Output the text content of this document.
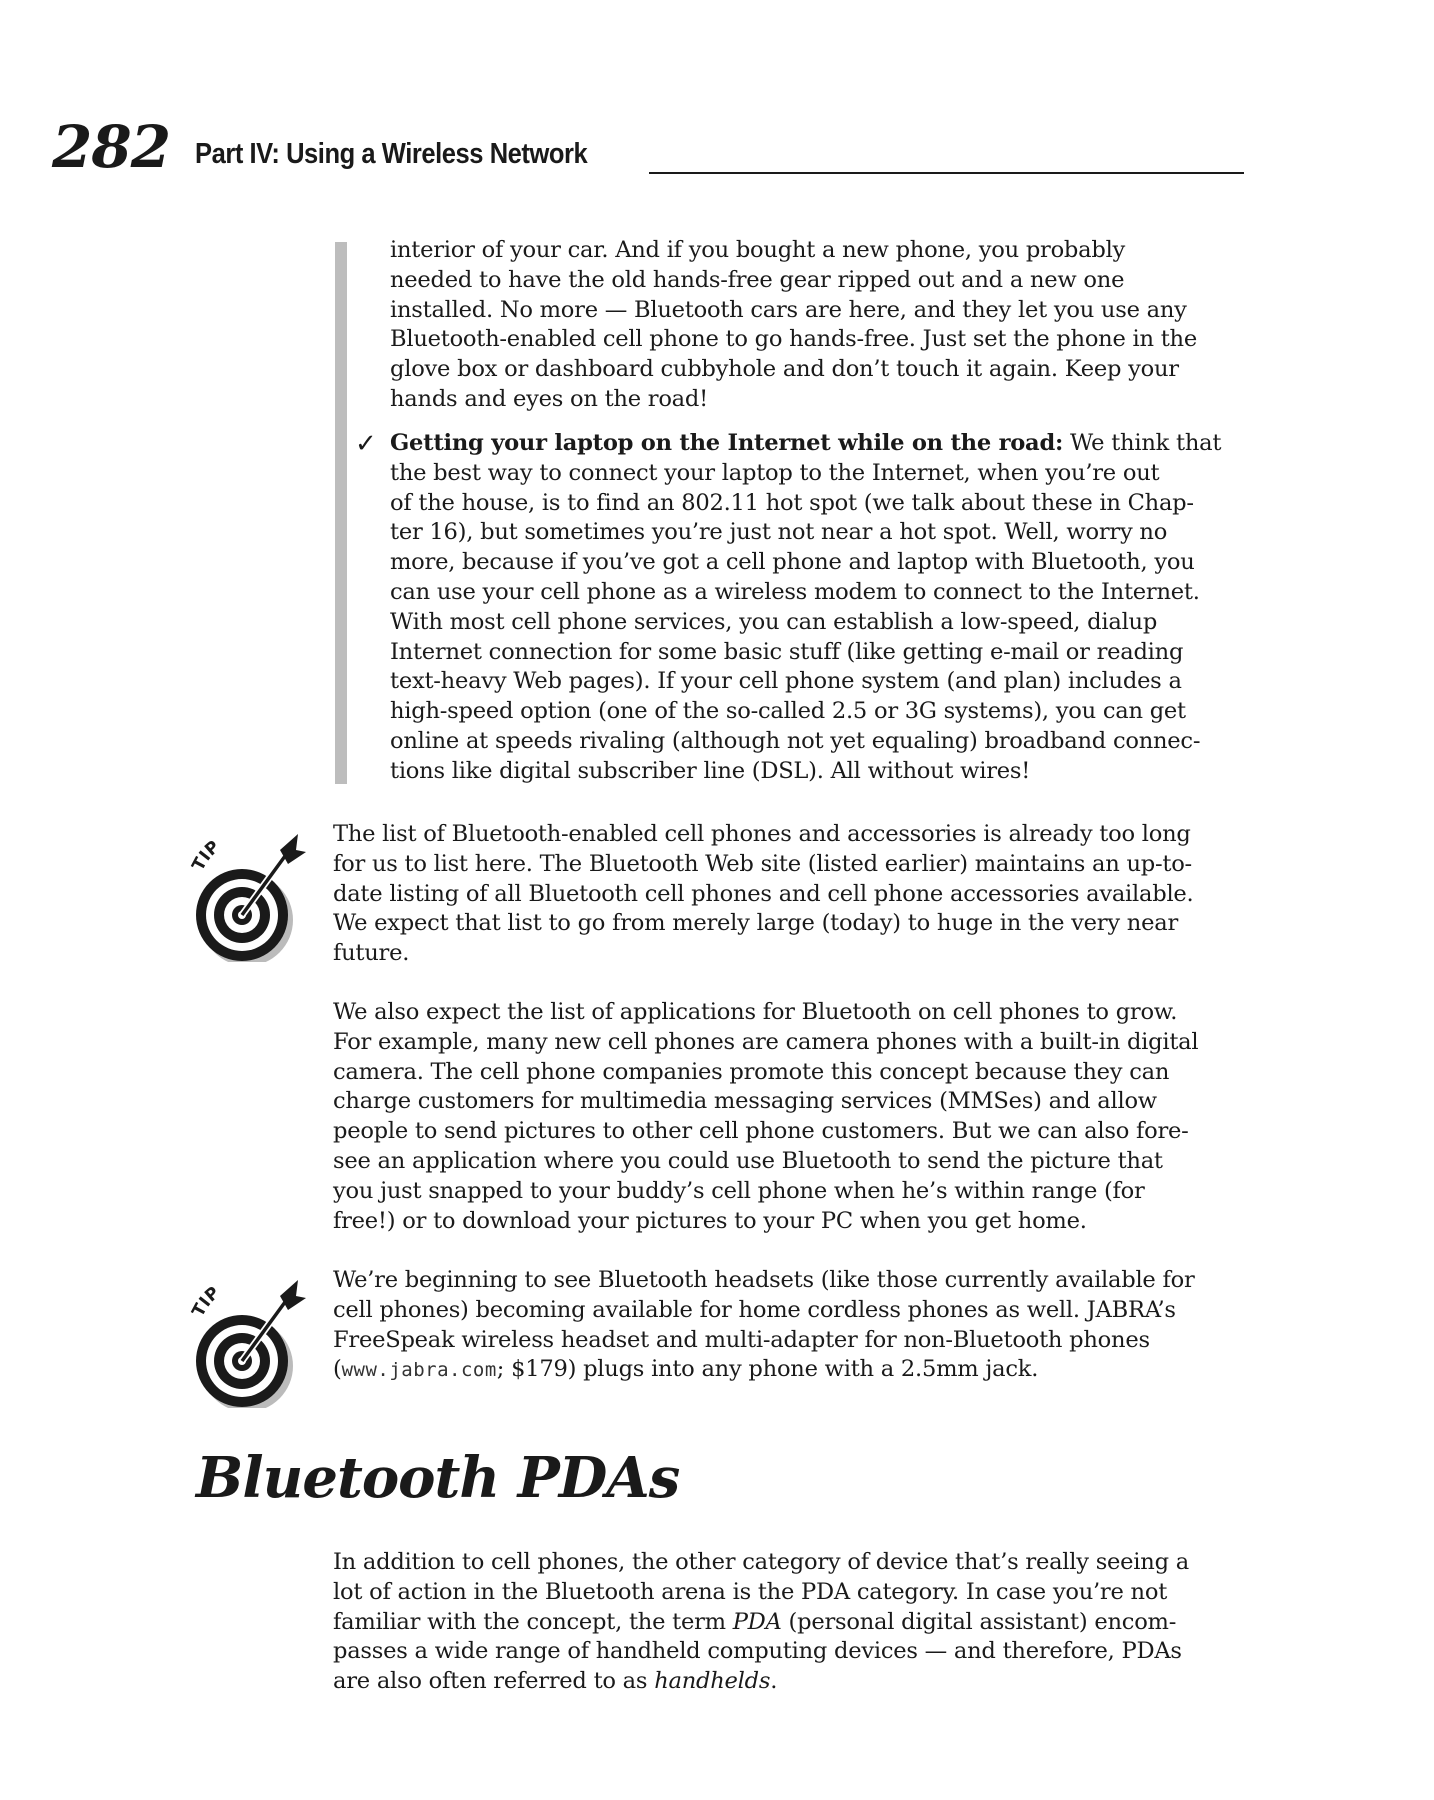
282 Part IV: Using a Wireless Network
interior of your car. And if you bought a new phone, you probably
needed to have the old hands-free gear ripped out and a new one
installed. No more — Bluetooth cars are here, and they let you use any
Bluetooth-enabled cell phone to go hands-free. Just set the phone in the
glove box or dashboard cubbyhole and don’t touch it again. Keep your
hands and eyes on the road!
✓ Getting your laptop on the Internet while on the road: We think that
the best way to connect your laptop to the Internet, when you’re out
of the house, is to find an 802.11 hot spot (we talk about these in Chap-
ter 16), but sometimes you’re just not near a hot spot. Well, worry no
more, because if you’ve got a cell phone and laptop with Bluetooth, you
can use your cell phone as a wireless modem to connect to the Internet.
With most cell phone services, you can establish a low-speed, dialup
Internet connection for some basic stuff (like getting e-mail or reading
text-heavy Web pages). If your cell phone system (and plan) includes a
high-speed option (one of the so-called 2.5 or 3G systems), you can get
online at speeds rivaling (although not yet equaling) broadband connec-
tions like digital subscriber line (DSL). All without wires!
TIP
The list of Bluetooth-enabled cell phones and accessories is already too long
for us to list here. The Bluetooth Web site (listed earlier) maintains an up-to-
date listing of all Bluetooth cell phones and cell phone accessories available.
We expect that list to go from merely large (today) to huge in the very near
future.
We also expect the list of applications for Bluetooth on cell phones to grow.
For example, many new cell phones are camera phones with a built-in digital
camera. The cell phone companies promote this concept because they can
charge customers for multimedia messaging services (MMSes) and allow
people to send pictures to other cell phone customers. But we can also fore-
see an application where you could use Bluetooth to send the picture that
you just snapped to your buddy’s cell phone when he’s within range (for
free!) or to download your pictures to your PC when you get home.
TIP
We’re beginning to see Bluetooth headsets (like those currently available for
cell phones) becoming available for home cordless phones as well. JABRA’s
FreeSpeak wireless headset and multi-adapter for non-Bluetooth phones
(www.jabra.com; $179) plugs into any phone with a 2.5mm jack.
Bluetooth PDAs
In addition to cell phones, the other category of device that’s really seeing a
lot of action in the Bluetooth arena is the PDA category. In case you’re not
familiar with the concept, the term PDA (personal digital assistant) encom-
passes a wide range of handheld computing devices — and therefore, PDAs
are also often referred to as handhelds.
